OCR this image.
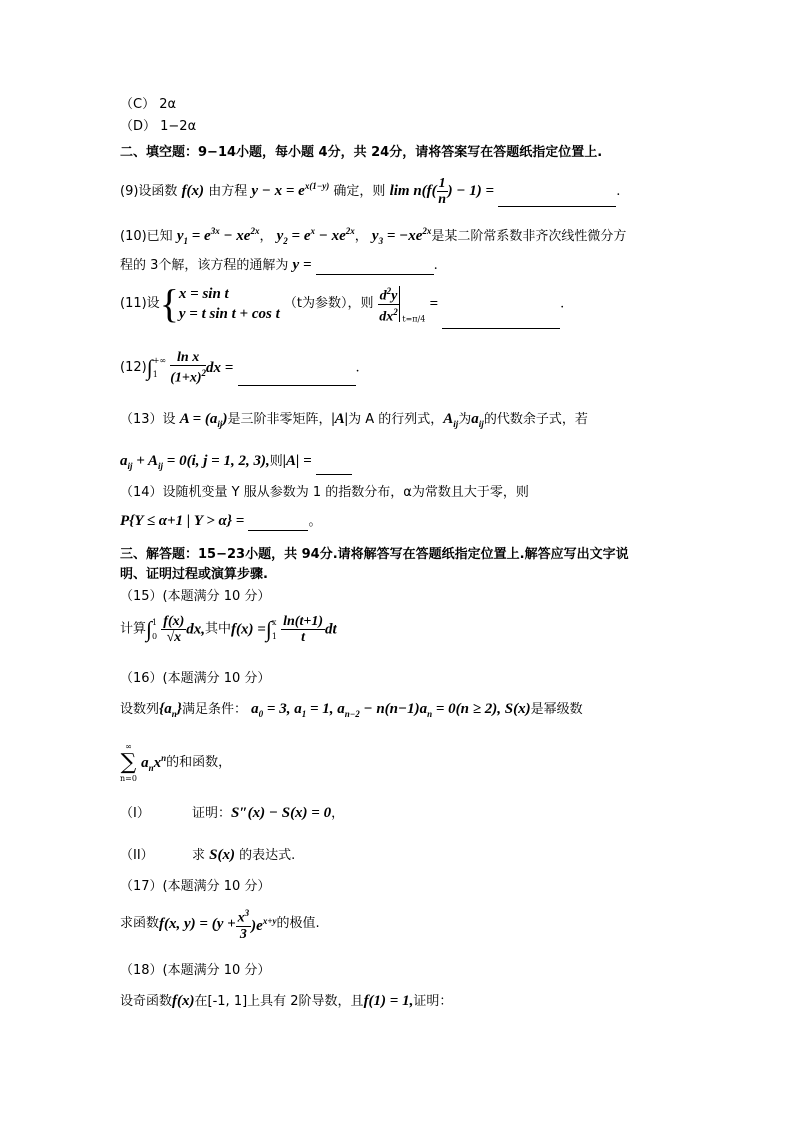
（C） 2α
（D） 1−2α
二、填空题：9−14小题，每小题 4分，共 24分，请将答案写在答题纸指定位置上.
(9)设函数 f(x) 由方程 $y - x = e^{x(1-y)}$ 确定，则 $\lim n(f( \frac{1}{n}$ ) − 1) =	.
(10)已知 $y_1 = e^{3x} - xe^{2x}$， $y_2 = e^x - xe^{2x}$， $y_3 = -xe^{2x}$是某二阶常系数非齐次线性微分方
程的 3个解，该方程的通解为 y =	.
(11)设{ x = sin t
y = t sin t + cos t
（t为参数），则 $\frac{d^2y}{dx^2} _{t=\pi/4}$ =	.
(12)∫ +∞
1
$\frac{\text{ln x}}{(1+x)^2}$ dx =	.
（13）设 $A = (a_{ij})$是三阶非零矩阵，|A|为 A 的行列式，$A_{ij}$为$a_{ij}$的代数余子式，若
$a_{ij} + A_{ij} = 0(i$, j = 1, 2, 3),则|A| =
（14）设随机变量 Y 服从参数为 1 的指数分布，α为常数且大于零，则
P{Y ≤ α+1 | Y > α} =	。
三、解答题：15−23小题，共 94分.请将解答写在答题纸指定位置上.解答应写出文字说
明、证明过程或演算步骤.
（15）(本题满分 10 分）
计算∫ 1
0
$\frac{f(x)}{√x}$ dx,其中f(x) =∫ x
1
$\frac{\ln(t+1)}{t}$ dt
（16）(本题满分 10 分）
设数列$\{a_n\}$满足条件： $a_0 = 3$, $a_1 = 1$, $a_{n-2} - n(n-1)a_n = 0(n \ge 2)$, S(x)是幂级数
∞
∑
n=0
$a_nx^n$的和函数，
（I）	证明：S″(x) − S(x) = 0，
（II）	求 S(x) 的表达式.
（17）(本题满分 10 分）
求函数f(x, $y) = (y + \frac{x^3}{3} )e^{x+y}$的极值.
（18）(本题满分 10 分）
设奇函数f(x)在[-1, 1]上具有 2阶导数，且f(1) = 1,证明：
